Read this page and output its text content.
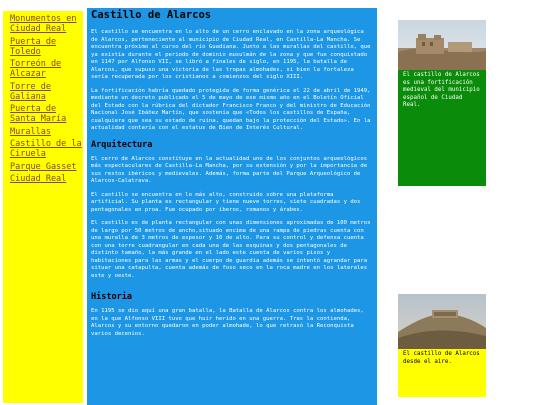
Monumentos en Ciudad Real
Puerta de Toledo
Torreón de Alcazar
Torre de Galiana
Puerta de Santa María
Murallas
Castillo de la Ciruela
Parque Gasset
Ciudad Real
Castillo de Alarcos

El castillo se encuentra en lo alto de un cerro enclavado en la zona arqueológica de Alarcos, perteneciente al municipio de Ciudad Real, en Castilla-La Mancha. Se encuentra próximo al curso del río Guadiana. Junto a las murallas del castillo, que ya existía durante el periodo de dominio musulmán de la zona y que fue conquistado en 1147 por Alfonso VII, se libró a finales de siglo, en 1195, la batalla de Alarcos, que supuso una victoria de las tropas almohades, si bien la fortaleza sería recuperada por los cristianos a comienzos del siglo XIII.

La fortificación habría quedado protegida de forma genérica el 22 de abril de 1949, mediante un decreto publicado el 5 de mayo de ese mismo año en el Boletín Oficial del Estado con la rúbrica del dictador Francisco Franco y del ministro de Educación Nacional José Ibáñez Martín, que sostenía que «Todos los castillos de España, cualquiera que sea su estado de ruina, quedan bajo la protección del Estado». En la actualidad contaría con el estatus de Bien de Interés Cultural.

Arquitectura

El cerro de Alarcos constituye en la actualidad uno de los conjuntos arqueológicos más espectaculares de Castilla-La Mancha, por su extensión y por la importancia de sus restos ibéricos y medievales. Además, forma parte del Parque Arqueológico de Alarcos-Calatrava.

El castillo se encuentra en lo más alto, construido sobre una plataforma artificial. Su planta es rectangular y tiene nueve torres, siete cuadradas y dos pentagonales en proa. Fue ocupado por íberos, romanos y árabes.

El castillo es de planta rectangular con unas dimensiones aproximadas de 100 metros de largo por 50 metros de ancho,situado encima de una rampa de piedras cuenta con una muralla de 3 metros de espesor y 10 de alto. Para su control y defensa cuenta con una torre cuadrangular en cada una de las esquinas y dos pentagonales de distinto tamaño, la más grande en el lado este cuenta de varios pisos y habitaciones para las armas y el cuerpo de guardia además se intentó agrandar para situar una catapulta, cuenta además de foso seco en la roca madre en los laterales este y oeste.

Historia

En 1195 se dio aquí una gran batalla, la Batalla de Alarcos contra los almohades, en la que Alfonso VIII tuvo que huir herido en una guerra. Tras la contienda, Alarcos y su entorno quedaron en poder almohade, lo que retrasó la Reconquista varios decenios.

El castillo de Alarcos es una fortificación medieval del municipio español de Ciudad Real.
El castillo de Alarcos desde el aire.
